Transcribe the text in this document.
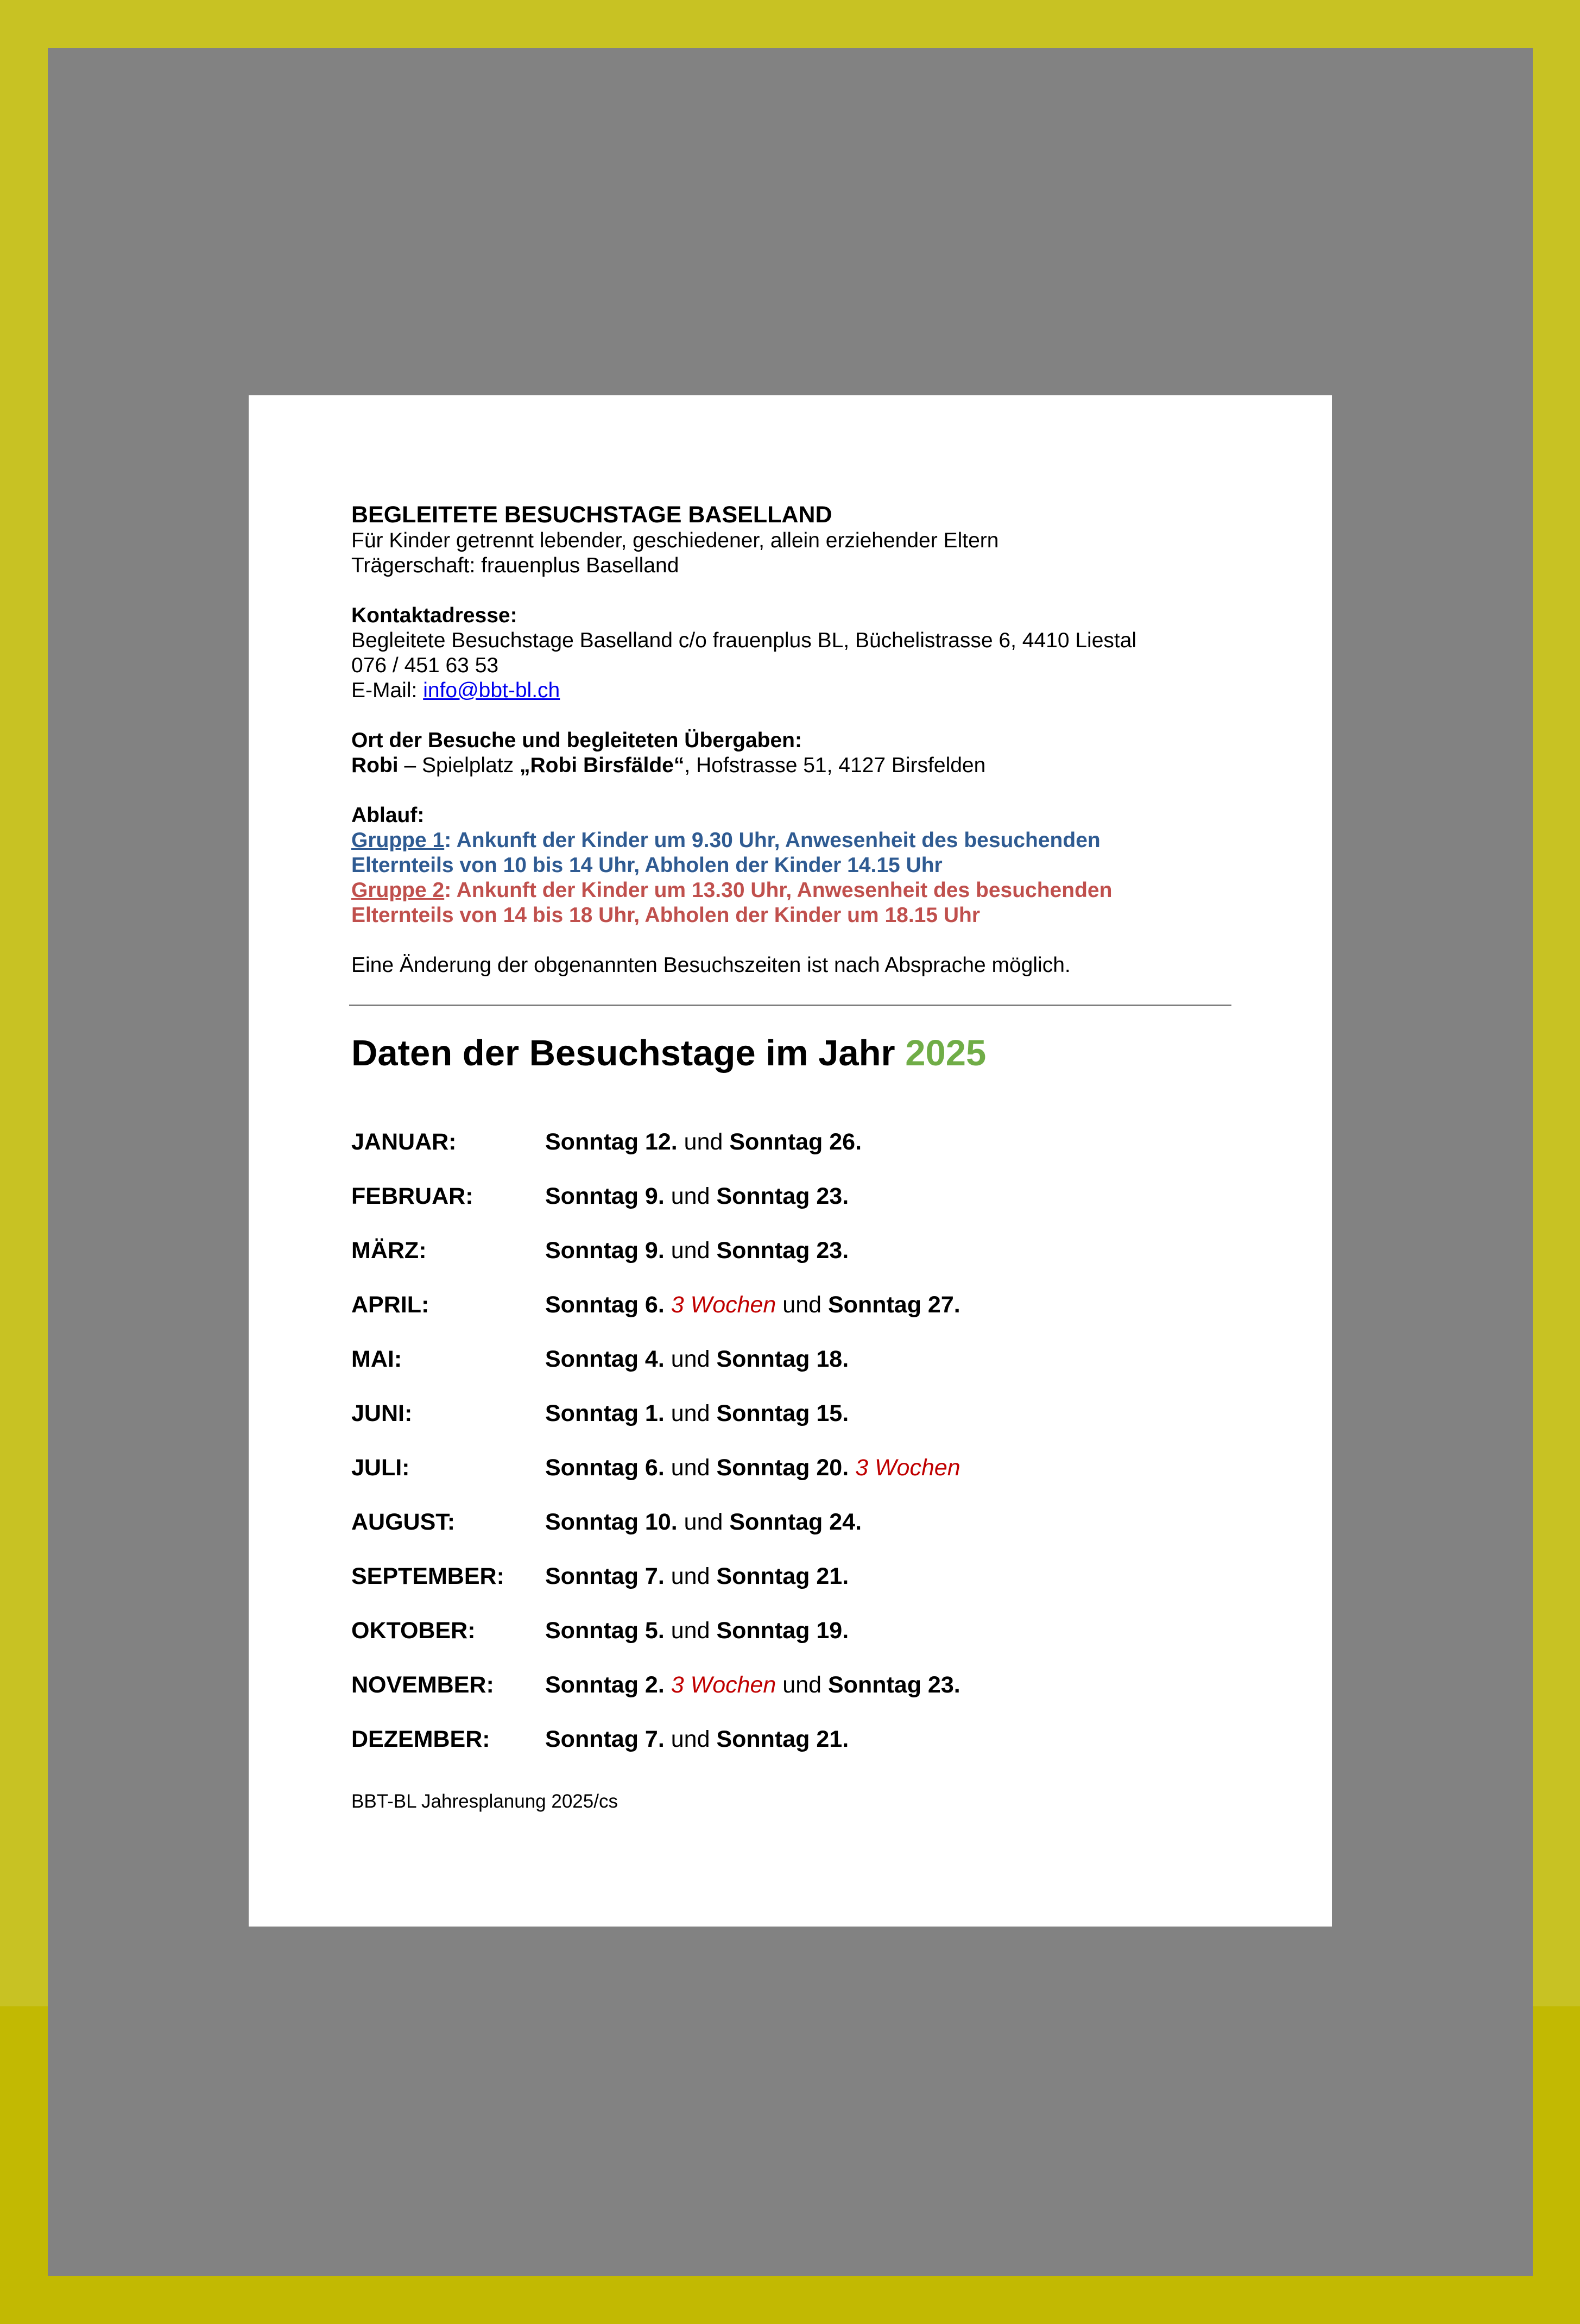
BEGLEITETE BESUCHSTAGE BASELLAND
Für Kinder getrennt lebender, geschiedener, allein erziehender Eltern
Trägerschaft: frauenplus Baselland
Kontaktadresse:
Begleitete Besuchstage Baselland c/o frauenplus BL, Büchelistrasse 6, 4410 Liestal
076 / 451 63 53
E-Mail: info@bbt-bl.ch
Ort der Besuche und begleiteten Übergaben:
Robi – Spielplatz „Robi Birsfälde“, Hofstrasse 51, 4127 Birsfelden
Ablauf:
Gruppe 1: Ankunft der Kinder um 9.30 Uhr, Anwesenheit des besuchenden
Elternteils von 10 bis 14 Uhr, Abholen der Kinder 14.15 Uhr
Gruppe 2: Ankunft der Kinder um 13.30 Uhr, Anwesenheit des besuchenden
Elternteils von 14 bis 18 Uhr, Abholen der Kinder um 18.15 Uhr
Eine Änderung der obgenannten Besuchszeiten ist nach Absprache möglich.
Daten der Besuchstage im Jahr 2025
JANUAR:	Sonntag 12. und Sonntag 26.
FEBRUAR:	Sonntag 9. und Sonntag 23.
MÄRZ:	Sonntag 9. und Sonntag 23.
APRIL:	Sonntag 6. 3 Wochen und Sonntag 27.
MAI:	Sonntag 4. und Sonntag 18.
JUNI:	Sonntag 1. und Sonntag 15.
JULI:	Sonntag 6. und Sonntag 20. 3 Wochen
AUGUST:	Sonntag 10. und Sonntag 24.
SEPTEMBER: Sonntag 7. und Sonntag 21.
OKTOBER:	Sonntag 5. und Sonntag 19.
NOVEMBER: Sonntag 2. 3 Wochen und Sonntag 23.
DEZEMBER: Sonntag 7. und Sonntag 21.
BBT-BL Jahresplanung 2025/cs
